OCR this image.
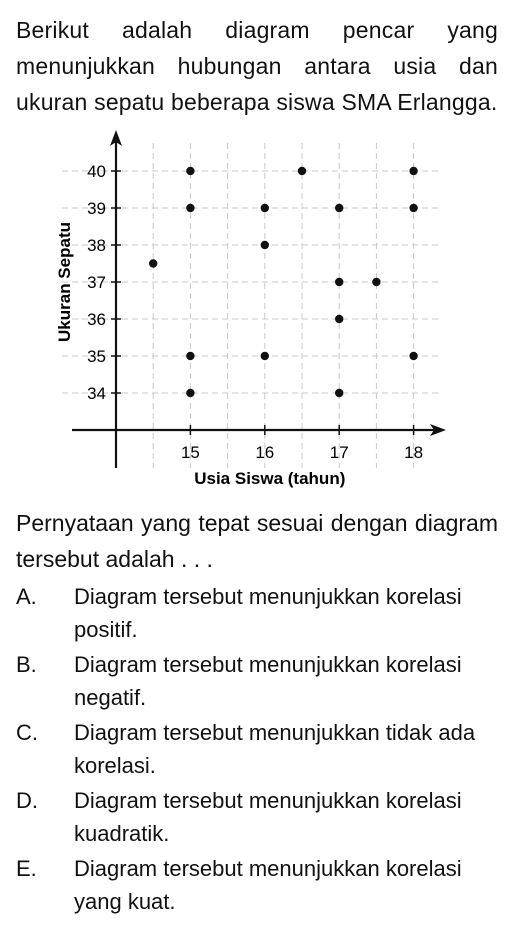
Berikut adalah diagram pencar yang menunjukkan hubungan antara usia dan ukuran sepatu beberapa siswa SMA Erlangga.

15	16	17	18
34
35
36
37
38
39
40
Usia Siswa (tahun)
Ukuran Sepatu

Pernyataan yang tepat sesuai dengan diagram tersebut adalah . . .

A.	Diagram tersebut menunjukkan korelasi positif.
B.	Diagram tersebut menunjukkan korelasi negatif.
C.	Diagram tersebut menunjukkan tidak ada korelasi.
D.	Diagram tersebut menunjukkan korelasi kuadratik.
E.	Diagram tersebut menunjukkan korelasi yang kuat.
